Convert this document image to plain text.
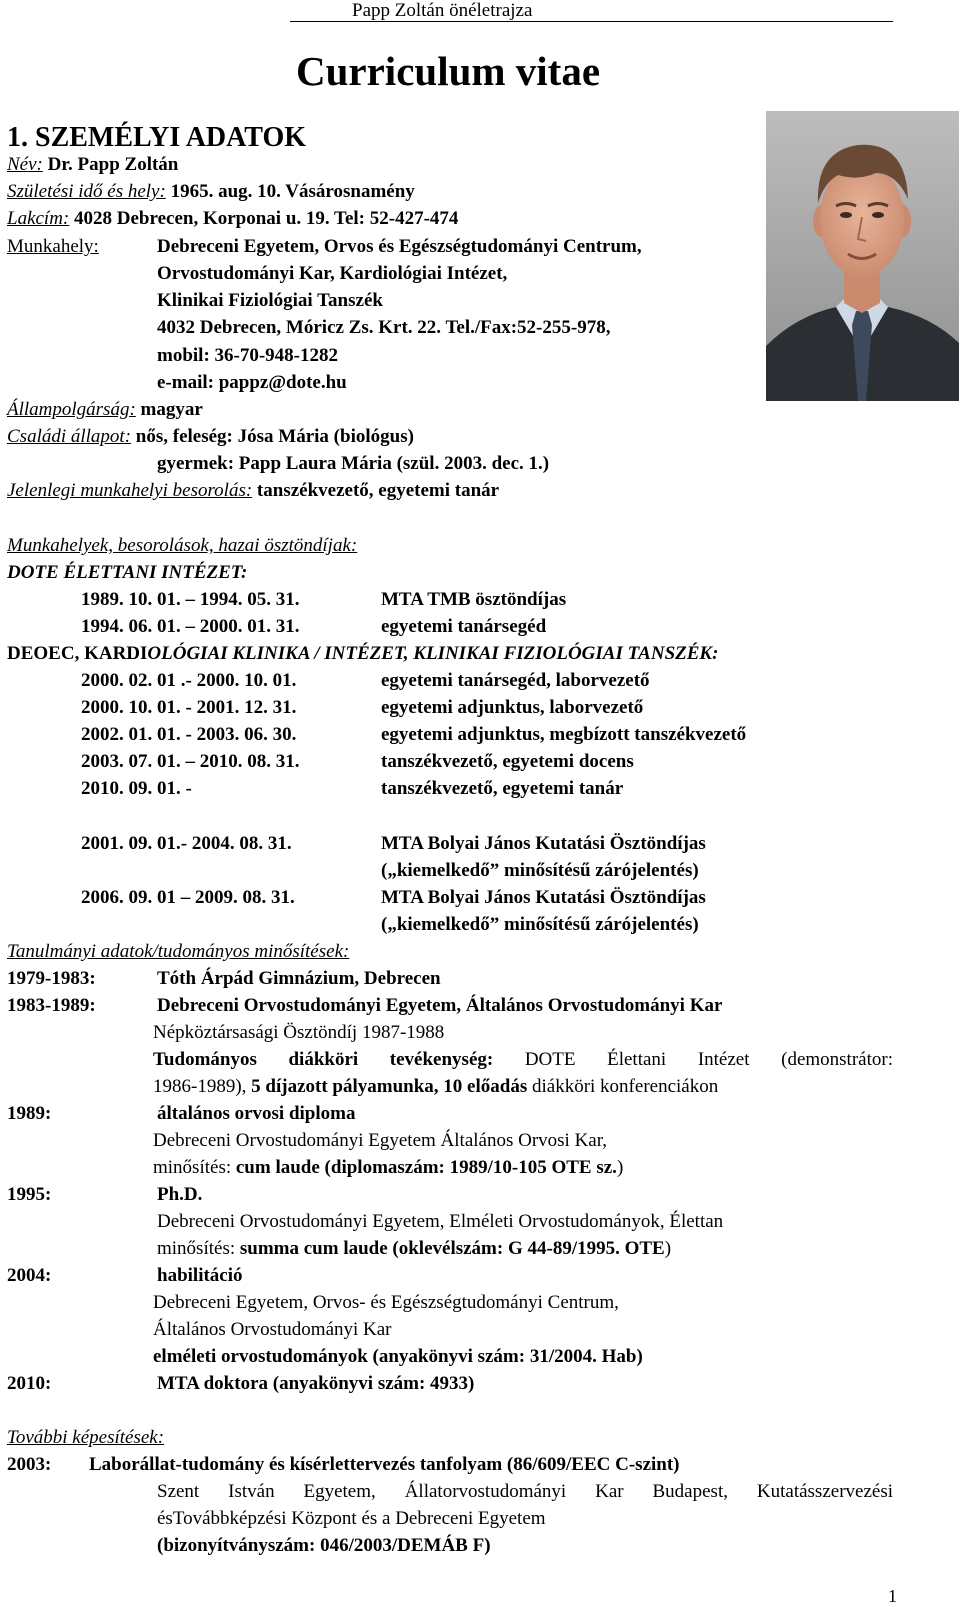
Papp Zoltán önéletrajza
Curriculum vitae
1. SZEMÉLYI ADATOK
Név: Dr. Papp Zoltán
Születési idő és hely: 1965. aug. 10. Vásárosnamény
Lakcím: 4028 Debrecen, Korponai u. 19. Tel: 52-427-474
Munkahely:	Debreceni Egyetem, Orvos és Egészségtudományi Centrum,
Orvostudományi Kar, Kardiológiai Intézet,
Klinikai Fiziológiai Tanszék
4032 Debrecen, Móricz Zs. Krt. 22. Tel./Fax:52-255-978,
mobil: 36-70-948-1282
e-mail: pappz@dote.hu
Állampolgárság: magyar
Családi állapot: nős, feleség: Jósa Mária (biológus)
gyermek: Papp Laura Mária (szül. 2003. dec. 1.)
Jelenlegi munkahelyi besorolás: tanszékvezető, egyetemi tanár
Munkahelyek, besorolások, hazai ösztöndíjak:
DOTE ÉLETTANI INTÉZET:
1989. 10. 01. – 1994. 05. 31.	MTA TMB ösztöndíjas
1994. 06. 01. – 2000. 01. 31.	egyetemi tanársegéd
DEOEC, KARDIOLÓGIAI KLINIKA / INTÉZET, KLINIKAI FIZIOLÓGIAI TANSZÉK:
2000. 02. 01 .- 2000. 10. 01.	egyetemi tanársegéd, laborvezető
2000. 10. 01. - 2001. 12. 31.	egyetemi adjunktus, laborvezető
2002. 01. 01. - 2003. 06. 30.	egyetemi adjunktus, megbízott tanszékvezető
2003. 07. 01. – 2010. 08. 31.	tanszékvezető, egyetemi docens
2010. 09. 01. -	tanszékvezető, egyetemi tanár
2001. 09. 01.- 2004. 08. 31.	MTA Bolyai János Kutatási Ösztöndíjas
(„kiemelkedő” minősítésű zárójelentés)
2006. 09. 01 – 2009. 08. 31.	MTA Bolyai János Kutatási Ösztöndíjas
(„kiemelkedő” minősítésű zárójelentés)
Tanulmányi adatok/tudományos minősítések:
1979-1983:	Tóth Árpád Gimnázium, Debrecen
1983-1989:	Debreceni Orvostudományi Egyetem, Általános Orvostudományi Kar
Népköztársasági Ösztöndíj 1987-1988
Tudományos diákköri tevékenység: DOTE Élettani Intézet (demonstrátor:
1986-1989), 5 díjazott pályamunka, 10 előadás diákköri konferenciákon
1989:	általános orvosi diploma
Debreceni Orvostudományi Egyetem Általános Orvosi Kar,
minősítés: cum laude (diplomaszám: 1989/10-105 OTE sz.)
1995:	Ph.D.
Debreceni Orvostudományi Egyetem, Elméleti Orvostudományok, Élettan
minősítés: summa cum laude (oklevélszám: G 44-89/1995. OTE)
2004:	habilitáció
Debreceni Egyetem, Orvos- és Egészségtudományi Centrum,
Általános Orvostudományi Kar
elméleti orvostudományok (anyakönyvi szám: 31/2004. Hab)
2010:	MTA doktora (anyakönyvi szám: 4933)
További képesítések:
2003: Laborállat-tudomány és kísérlettervezés tanfolyam (86/609/EEC C-szint)
Szent István Egyetem, Állatorvostudományi Kar Budapest, Kutatásszervezési
ésTovábbképzési Központ és a Debreceni Egyetem
(bizonyítványszám: 046/2003/DEMÁB F)
1
